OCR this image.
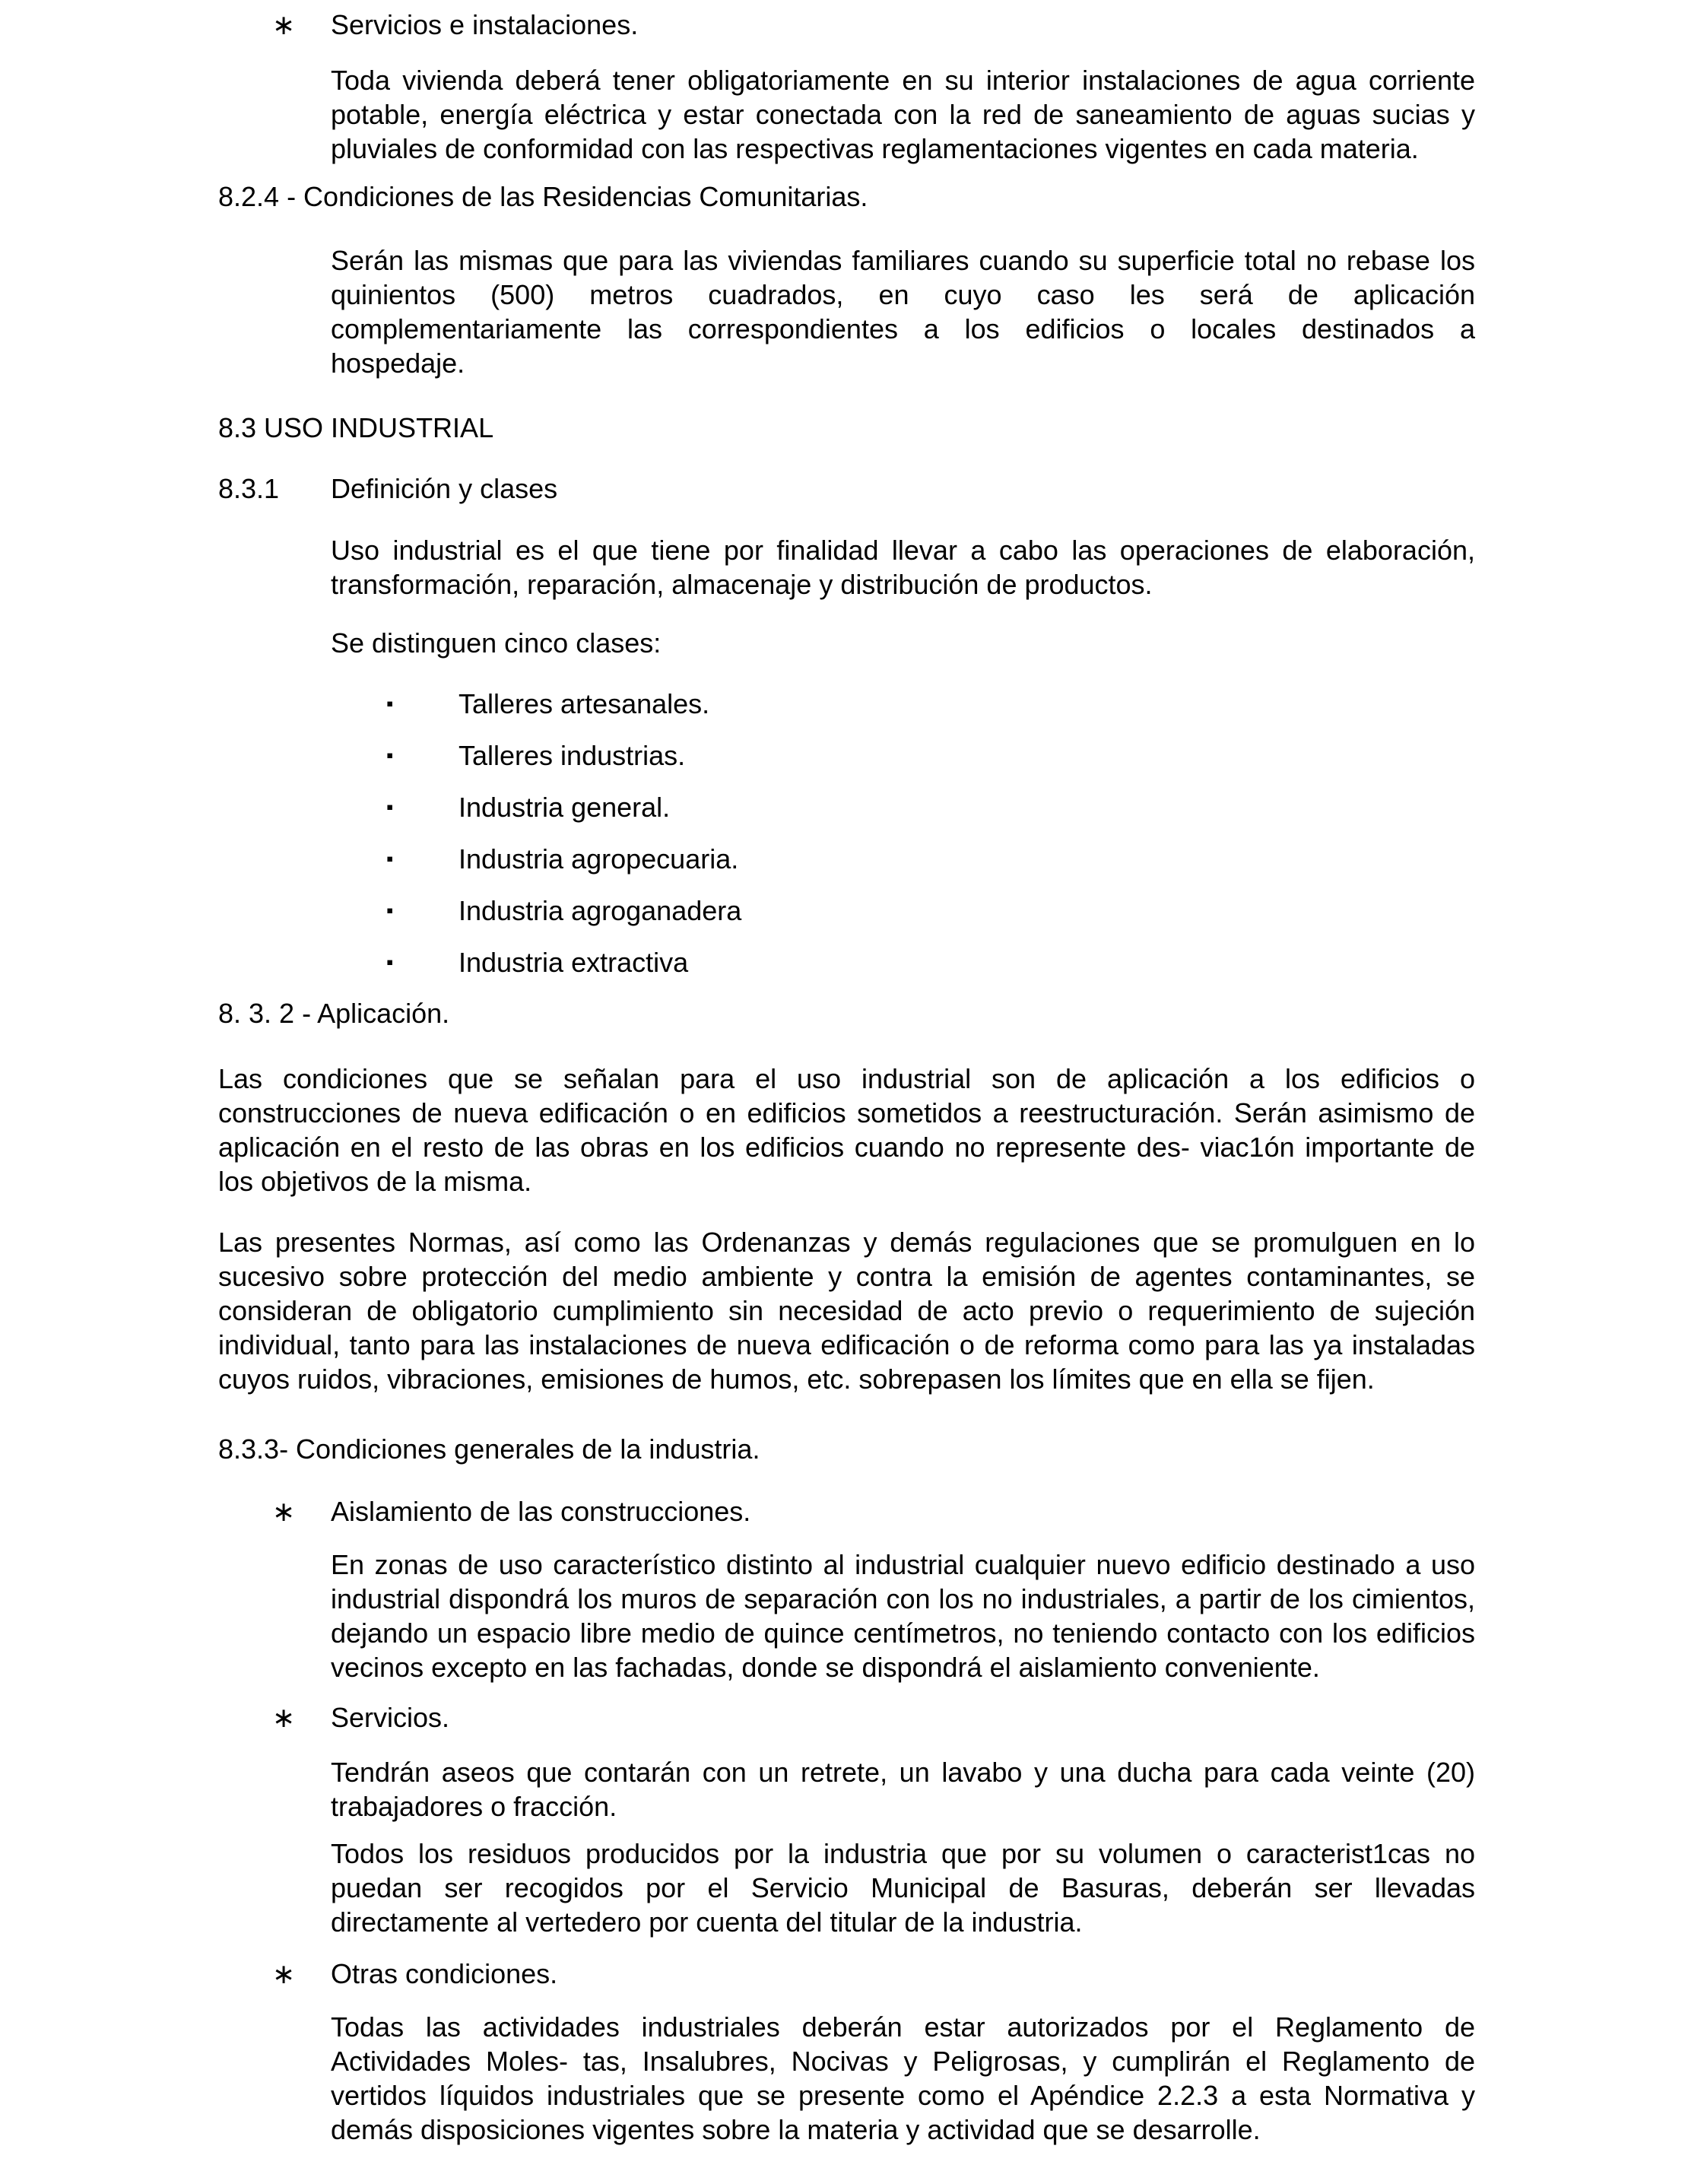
∗	Servicios e instalaciones.
Toda vivienda deberá tener obligatoriamente en su interior instalaciones de agua corriente
potable, energía eléctrica y estar conectada con la red de saneamiento de aguas sucias y
pluviales de conformidad con las respectivas reglamentaciones vigentes en cada materia.
8.2.4 - Condiciones de las Residencias Comunitarias.
Serán las mismas que para las viviendas familiares cuando su superficie total no rebase los
quinientos (500) metros cuadrados, en cuyo caso les será de aplicación
complementariamente las correspondientes a los edificios o locales destinados a
hospedaje.
8.3 USO INDUSTRIAL
8.3.1	Definición y clases
Uso industrial es el que tiene por finalidad llevar a cabo las operaciones de elaboración,
transformación, reparación, almacenaje y distribución de productos.
Se distinguen cinco clases:
▪	Talleres artesanales.
▪	Talleres industrias.
▪	Industria general.
▪	Industria agropecuaria.
▪	Industria agroganadera
▪	Industria extractiva
8. 3. 2 - Aplicación.
Las condiciones que se señalan para el uso industrial son de aplicación a los edificios o
construcciones de nueva edificación o en edificios sometidos a reestructuración. Serán asimismo de
aplicación en el resto de las obras en los edificios cuando no represente des- viac1ón importante de
los objetivos de la misma.
Las presentes Normas, así como las Ordenanzas y demás regulaciones que se promulguen en lo
sucesivo sobre protección del medio ambiente y contra la emisión de agentes contaminantes, se
consideran de obligatorio cumplimiento sin necesidad de acto previo o requerimiento de sujeción
individual, tanto para las instalaciones de nueva edificación o de reforma como para las ya instaladas
cuyos ruidos, vibraciones, emisiones de humos, etc. sobrepasen los límites que en ella se fijen.
8.3.3- Condiciones generales de la industria.
∗	Aislamiento de las construcciones.
En zonas de uso característico distinto al industrial cualquier nuevo edificio destinado a uso
industrial dispondrá los muros de separación con los no industriales, a partir de los cimientos,
dejando un espacio libre medio de quince centímetros, no teniendo contacto con los edificios
vecinos excepto en las fachadas, donde se dispondrá el aislamiento conveniente.
∗	Servicios.
Tendrán aseos que contarán con un retrete, un lavabo y una ducha para cada veinte (20)
trabajadores o fracción.
Todos los residuos producidos por la industria que por su volumen o caracterist1cas no
puedan ser recogidos por el Servicio Municipal de Basuras, deberán ser llevadas
directamente al vertedero por cuenta del titular de la industria.
∗	Otras condiciones.
Todas las actividades industriales deberán estar autorizados por el Reglamento de
Actividades Moles- tas, Insalubres, Nocivas y Peligrosas, y cumplirán el Reglamento de
vertidos líquidos industriales que se presente como el Apéndice 2.2.3 a esta Normativa y
demás disposiciones vigentes sobre la materia y actividad que se desarrolle.
